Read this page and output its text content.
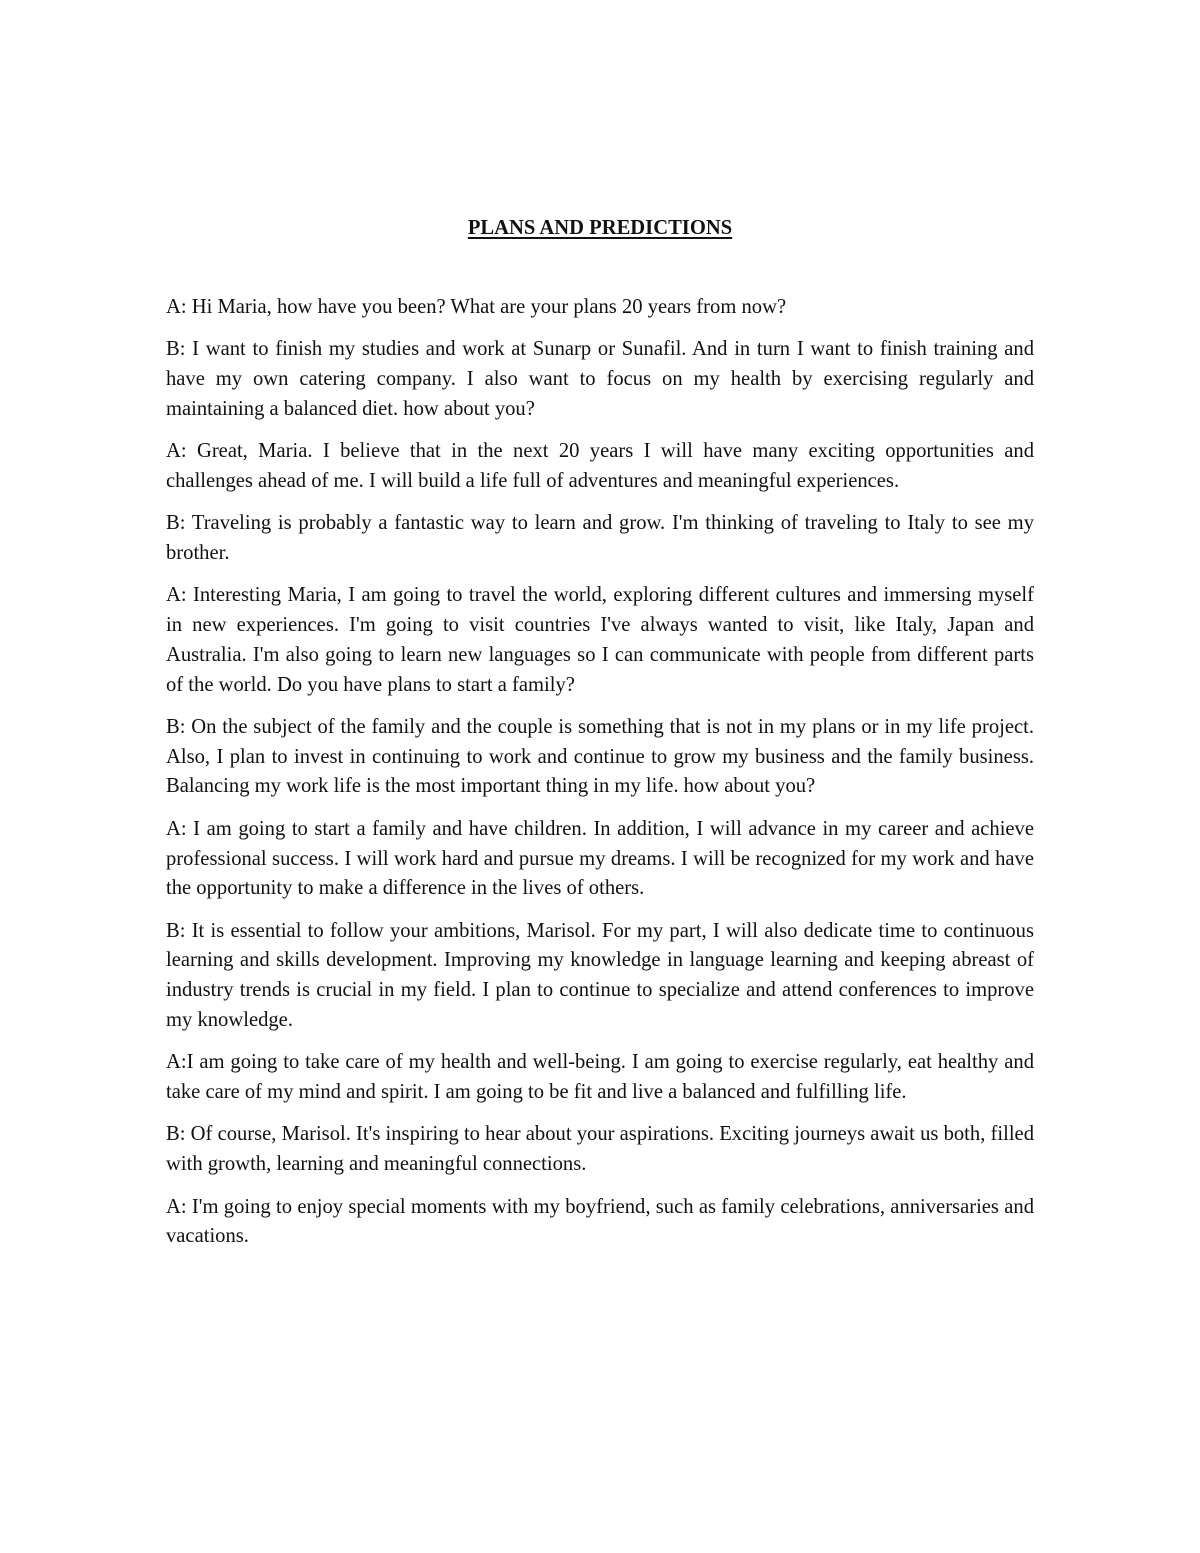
PLANS AND PREDICTIONS

A: Hi Maria, how have you been? What are your plans 20 years from now?

B: I want to finish my studies and work at Sunarp or Sunafil. And in turn I want to finish training and have my own catering company. I also want to focus on my health by exercising regularly and maintaining a balanced diet. how about you?

A: Great, Maria. I believe that in the next 20 years I will have many exciting opportunities and challenges ahead of me. I will build a life full of adventures and meaningful experiences.

B: Traveling is probably a fantastic way to learn and grow. I'm thinking of traveling to Italy to see my brother.

A: Interesting Maria, I am going to travel the world, exploring different cultures and immersing myself in new experiences. I'm going to visit countries I've always wanted to visit, like Italy, Japan and Australia. I'm also going to learn new languages so I can communicate with people from different parts of the world. Do you have plans to start a family?

B: On the subject of the family and the couple is something that is not in my plans or in my life project. Also, I plan to invest in continuing to work and continue to grow my business and the family business. Balancing my work life is the most important thing in my life. how about you?

A: I am going to start a family and have children. In addition, I will advance in my career and achieve professional success. I will work hard and pursue my dreams. I will be recognized for my work and have the opportunity to make a difference in the lives of others.

B: It is essential to follow your ambitions, Marisol. For my part, I will also dedicate time to continuous learning and skills development. Improving my knowledge in language learning and keeping abreast of industry trends is crucial in my field. I plan to continue to specialize and attend conferences to improve my knowledge.

A:I am going to take care of my health and well-being. I am going to exercise regularly, eat healthy and take care of my mind and spirit. I am going to be fit and live a balanced and fulfilling life.

B: Of course, Marisol. It's inspiring to hear about your aspirations. Exciting journeys await us both, filled with growth, learning and meaningful connections.

A: I'm going to enjoy special moments with my boyfriend, such as family celebrations, anniversaries and vacations.
